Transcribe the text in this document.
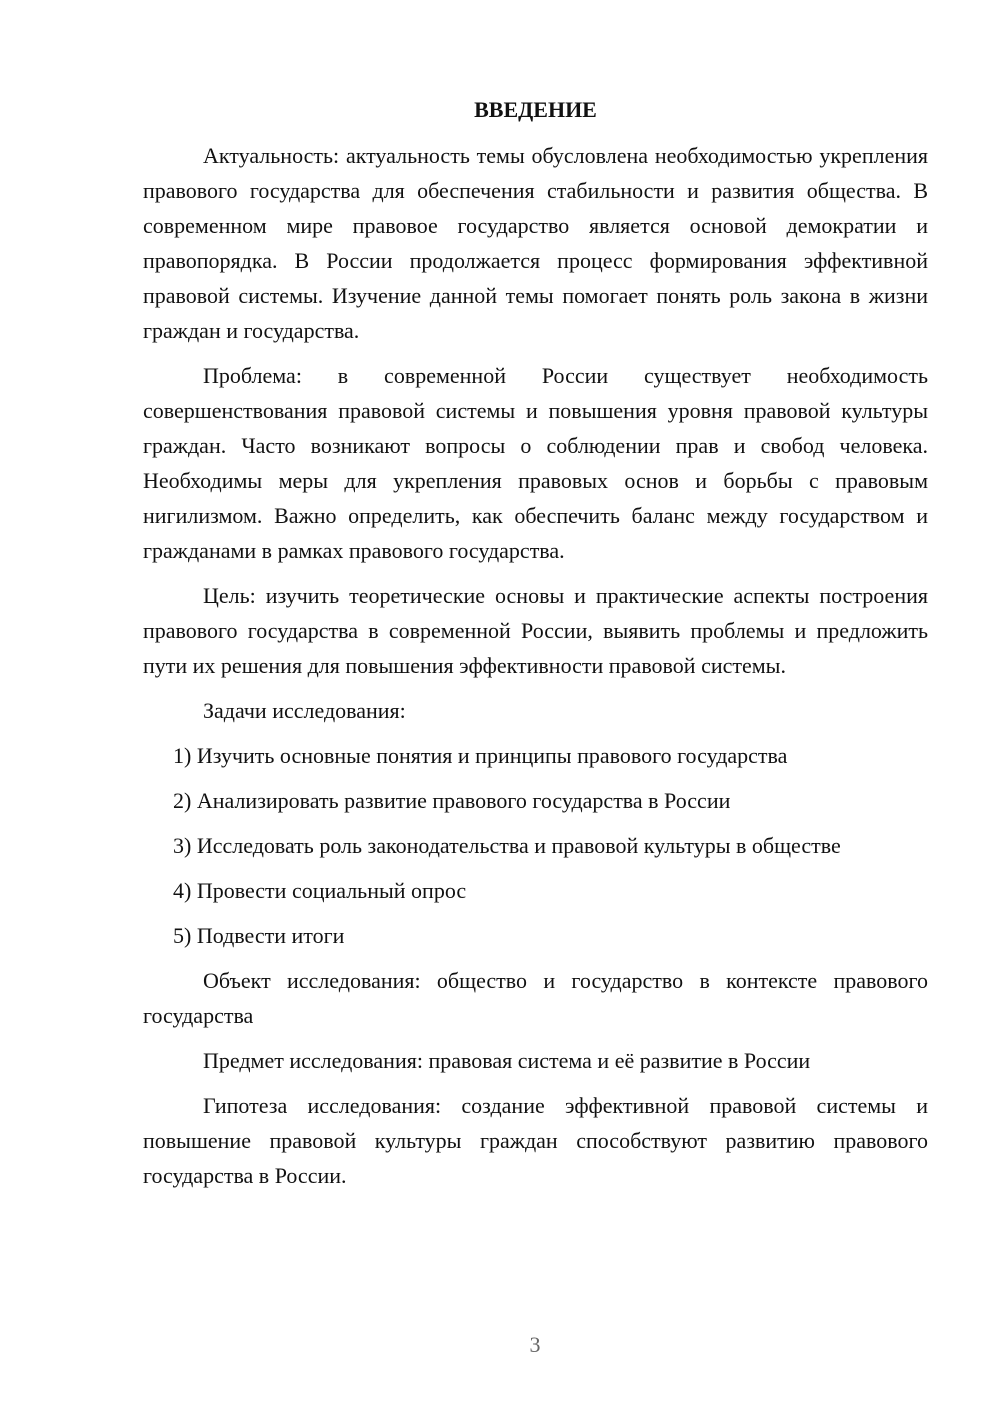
ВВЕДЕНИЕ

Актуальность: актуальность темы обусловлена необходимостью укрепления правового государства для обеспечения стабильности и развития общества. В современном мире правовое государство является основой демократии и правопорядка. В России продолжается процесс формирования эффективной правовой системы. Изучение данной темы помогает понять роль закона в жизни граждан и государства.

Проблема: в современной России существует необходимость совершенствования правовой системы и повышения уровня правовой культуры граждан. Часто возникают вопросы о соблюдении прав и свобод человека. Необходимы меры для укрепления правовых основ и борьбы с правовым нигилизмом. Важно определить, как обеспечить баланс между государством и гражданами в рамках правового государства.

Цель: изучить теоретические основы и практические аспекты построения правового государства в современной России, выявить проблемы и предложить пути их решения для повышения эффективности правовой системы.

Задачи исследования:

1) Изучить основные понятия и принципы правового государства

2) Анализировать развитие правового государства в России

3) Исследовать роль законодательства и правовой культуры в обществе

4) Провести социальный опрос

5) Подвести итоги

Объект исследования: общество и государство в контексте правового государства

Предмет исследования: правовая система и её развитие в России

Гипотеза исследования: создание эффективной правовой системы и повышение правовой культуры граждан способствуют развитию правового государства в России.

3
